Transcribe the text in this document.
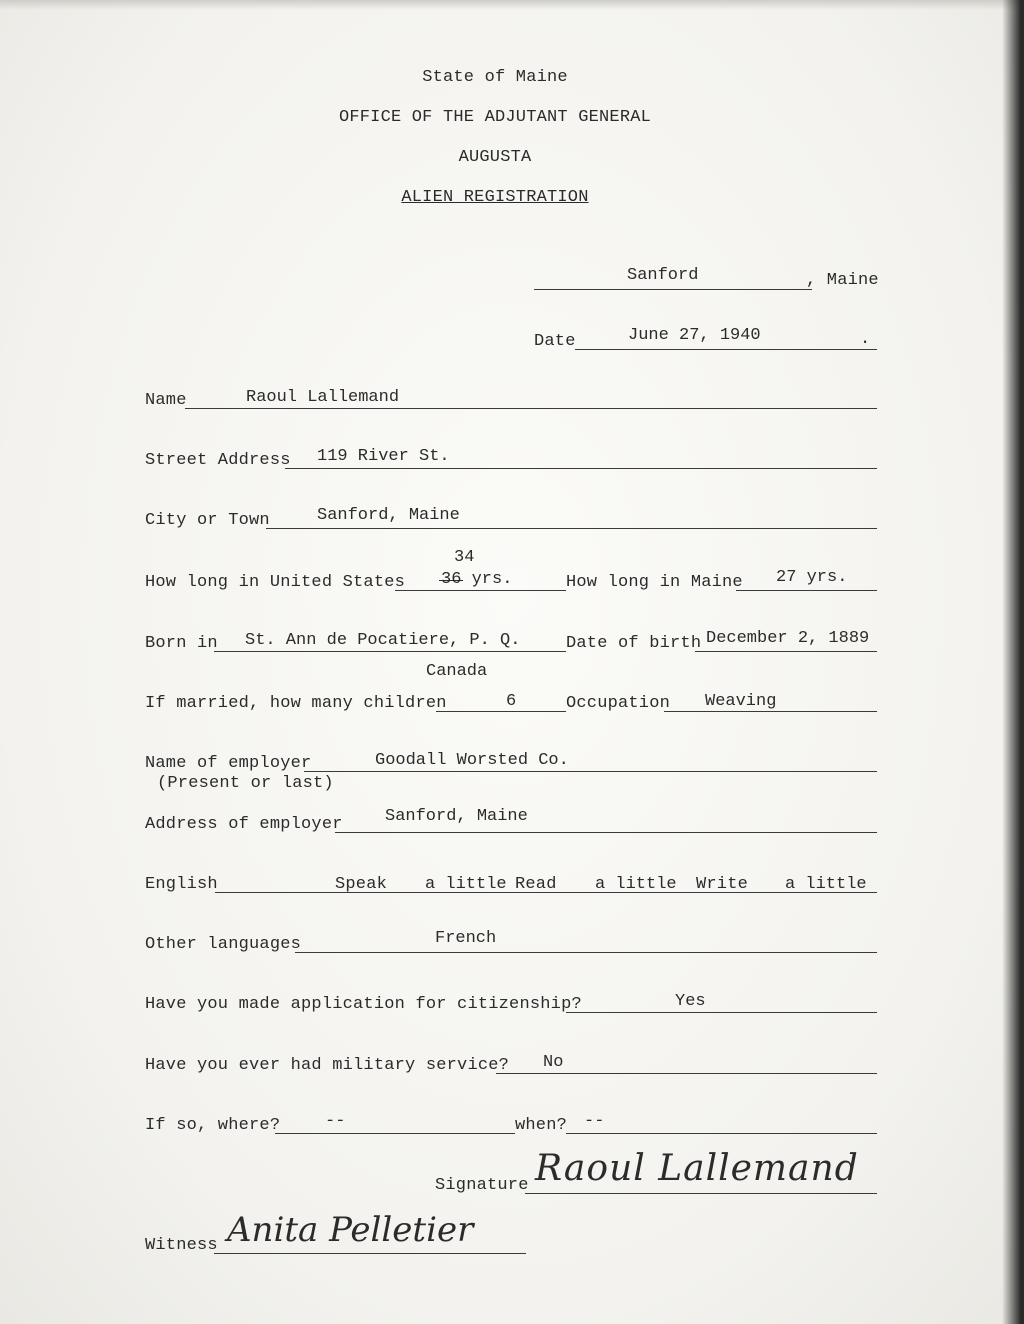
State of Maine
OFFICE OF THE ADJUTANT GENERAL
AUGUSTA
ALIEN REGISTRATION
Sanford	, Maine
Date	June 27, 1940	.
Name	Raoul Lallemand
Street Address 119 River St.
City or Town	Sanford, Maine
34
How long in United States 36 yrs.	How long in Maine 27 yrs.
Born in St. Ann de Pocatiere, P. Q.	Date of birth December 2, 1889
Canada
If married, how many children	6	Occupation Weaving
Name of employer	Goodall Worsted Co.
(Present or last)
Address of employer Sanford, Maine
English	Speak a little Read a little Write a little
Other languages	French
Have you made application for citizenship?	Yes
Have you ever had military service? No
If so, where?	--	when? --
Signature Raoul Lallemand
Witness Anita Pelletier
